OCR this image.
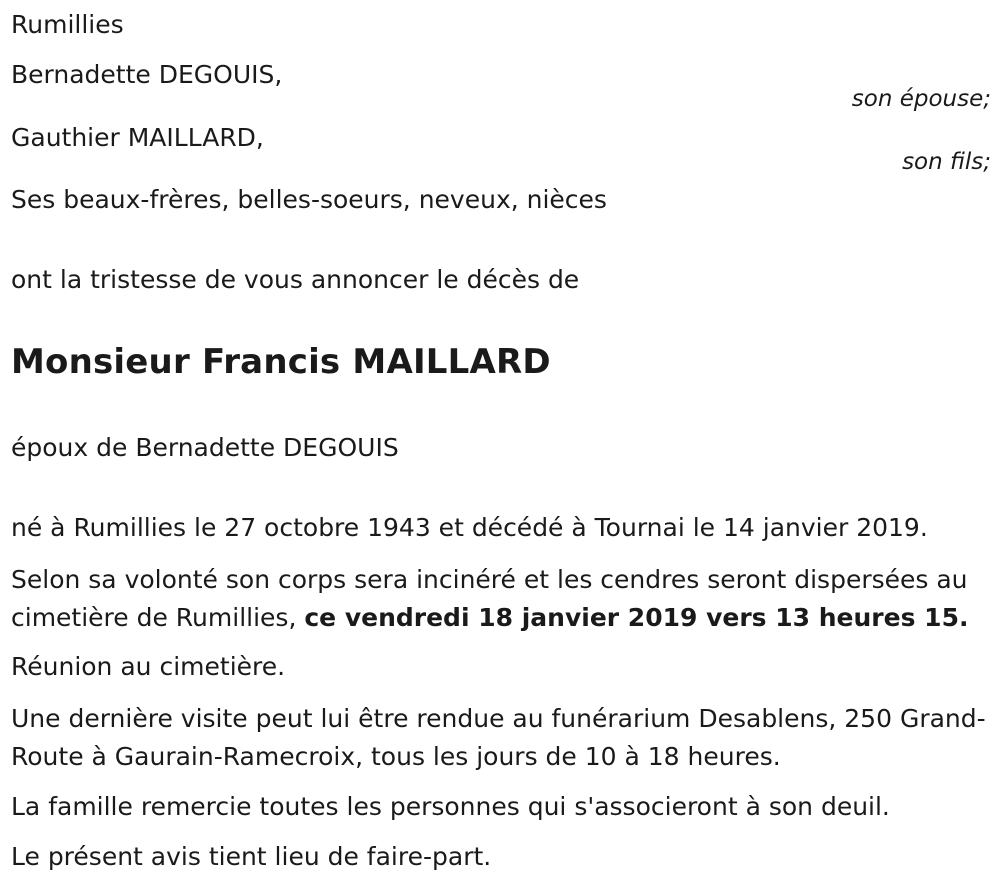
Rumillies
Bernadette DEGOUIS,
son épouse;
Gauthier MAILLARD,
son fils;
Ses beaux-frères, belles-soeurs, neveux, nièces
ont la tristesse de vous annoncer le décès de
Monsieur Francis MAILLARD
époux de Bernadette DEGOUIS
né à Rumillies le 27 octobre 1943 et décédé à Tournai le 14 janvier 2019.
Selon sa volonté son corps sera incinéré et les cendres seront dispersées au cimetière de Rumillies, ce vendredi 18 janvier 2019 vers 13 heures 15.
Réunion au cimetière.
Une dernière visite peut lui être rendue au funérarium Desablens, 250 Grand-Route à Gaurain-Ramecroix, tous les jours de 10 à 18 heures.
La famille remercie toutes les personnes qui s'associeront à son deuil.
Le présent avis tient lieu de faire-part.
